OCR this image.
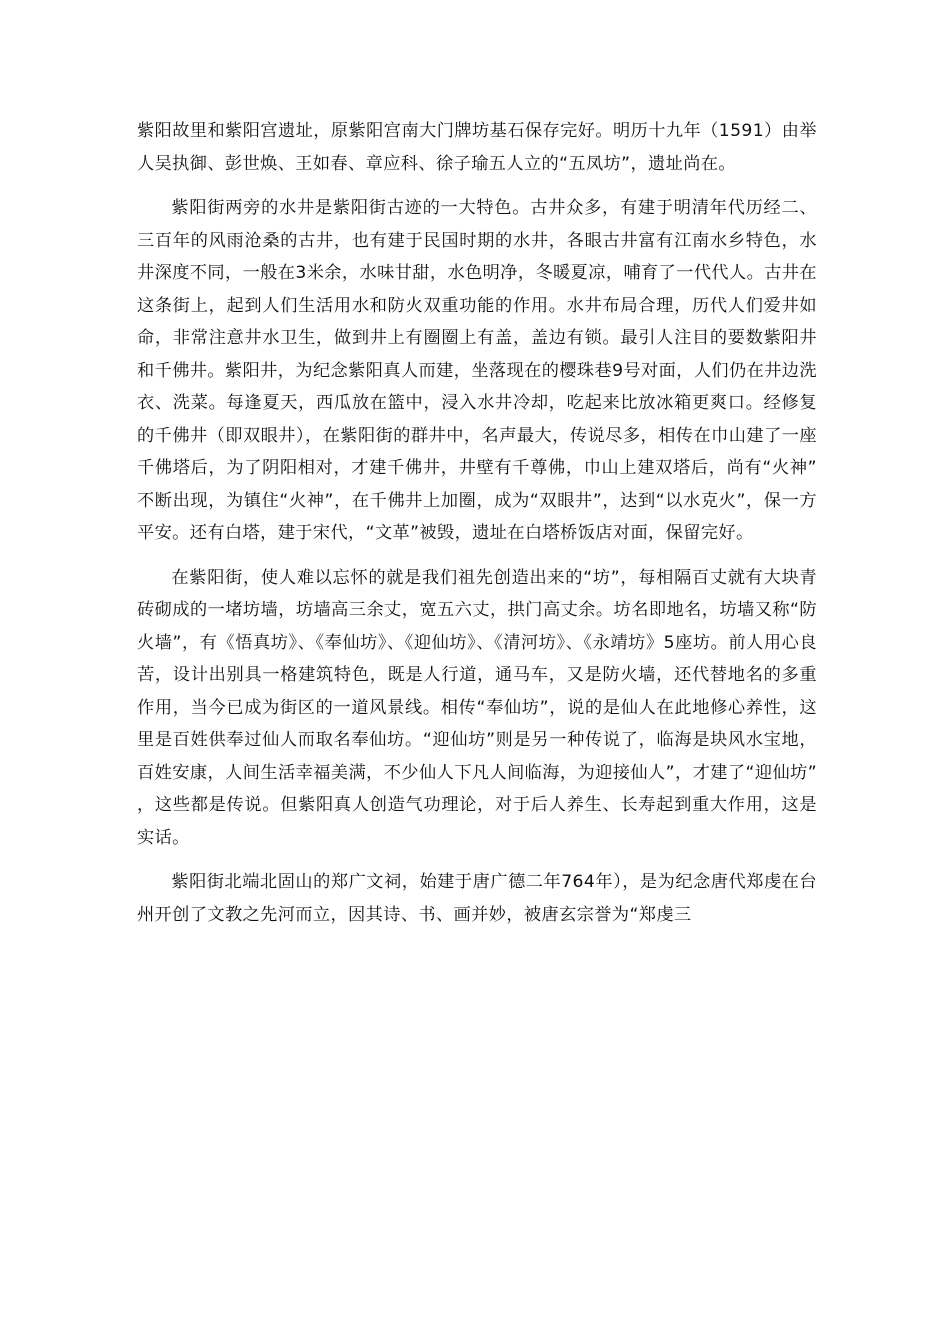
紫阳故里和紫阳宫遗址，原紫阳宫南大门牌坊基石保存完好。明历十九年（1591）由举人吴执御、彭世焕、王如春、章应科、徐子瑜五人立的“五凤坊”，遗址尚在。

紫阳街两旁的水井是紫阳街古迹的一大特色。古井众多，有建于明清年代历经二、三百年的风雨沧桑的古井，也有建于民国时期的水井，各眼古井富有江南水乡特色，水井深度不同，一般在3米余，水味甘甜，水色明净，冬暖夏凉，哺育了一代代人。古井在这条街上，起到人们生活用水和防火双重功能的作用。水井布局合理，历代人们爱井如命，非常注意井水卫生，做到井上有圈圈上有盖，盖边有锁。最引人注目的要数紫阳井和千佛井。紫阳井，为纪念紫阳真人而建，坐落现在的樱珠巷9号对面，人们仍在井边洗衣、洗菜。每逢夏天，西瓜放在篮中，浸入水井冷却，吃起来比放冰箱更爽口。经修复的千佛井（即双眼井），在紫阳街的群井中，名声最大，传说尽多，相传在巾山建了一座千佛塔后，为了阴阳相对，才建千佛井，井壁有千尊佛，巾山上建双塔后，尚有“火神”不断出现，为镇住“火神”，在千佛井上加圈，成为“双眼井”，达到“以水克火”，保一方平安。还有白塔，建于宋代，“文革”被毁，遗址在白塔桥饭店对面，保留完好。

在紫阳街，使人难以忘怀的就是我们祖先创造出来的“坊”，每相隔百丈就有大块青砖砌成的一堵坊墙，坊墙高三余丈，宽五六丈，拱门高丈余。坊名即地名，坊墙又称“防火墙”，有《悟真坊》、《奉仙坊》、《迎仙坊》、《清河坊》、《永靖坊》5座坊。前人用心良苦，设计出别具一格建筑特色，既是人行道，通马车，又是防火墙，还代替地名的多重作用，当今已成为街区的一道风景线。相传“奉仙坊”，说的是仙人在此地修心养性，这里是百姓供奉过仙人而取名奉仙坊。“迎仙坊”则是另一种传说了，临海是块风水宝地，百姓安康，人间生活幸福美满，不少仙人下凡人间临海，为迎接仙人”，才建了“迎仙坊”，这些都是传说。但紫阳真人创造气功理论，对于后人养生、长寿起到重大作用，这是实话。

紫阳街北端北固山的郑广文祠，始建于唐广德二年764年），是为纪念唐代郑虔在台州开创了文教之先河而立，因其诗、书、画并妙，被唐玄宗誉为“郑虔三
